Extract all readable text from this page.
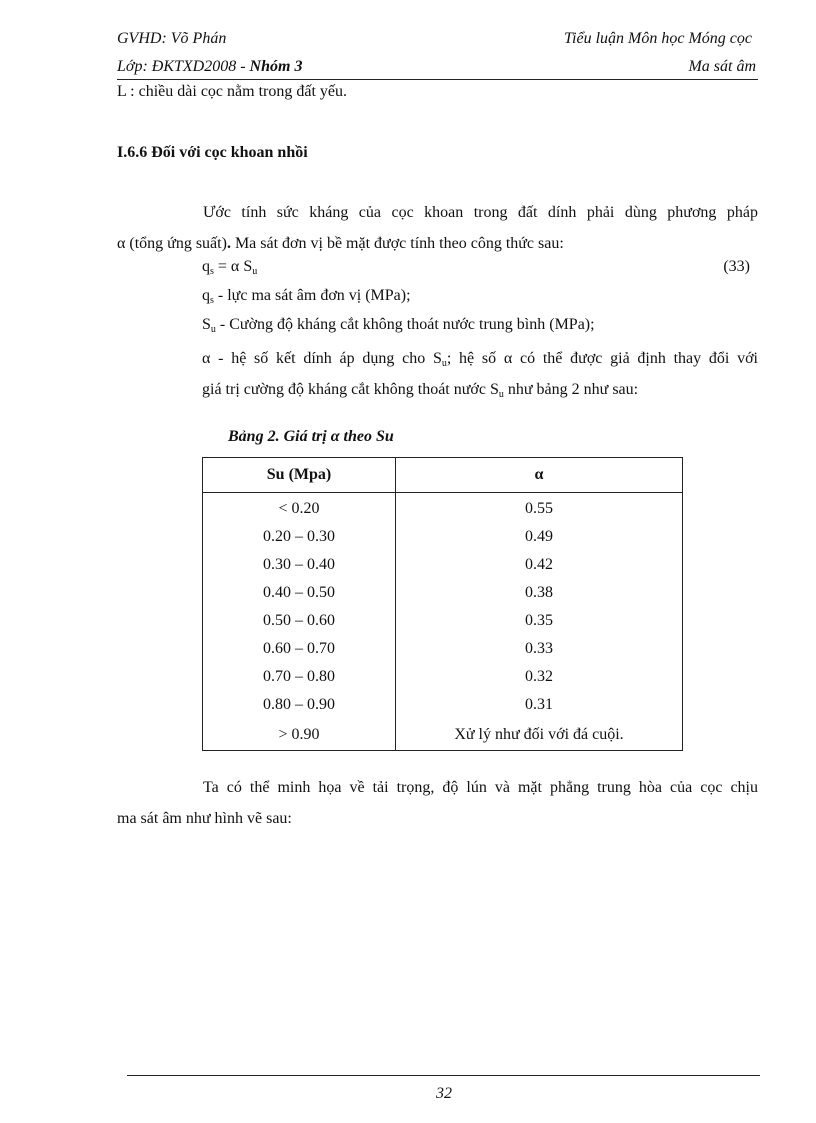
GVHD: Võ Phán	Tiểu luận Môn học Móng cọc
Lớp: ĐKTXD2008 - Nhóm 3	Ma sát âm
L : chiều dài cọc nằm trong đất yếu.
I.6.6 Đối với cọc khoan nhồi
Ước tính sức kháng của cọc khoan trong đất dính phải dùng phương pháp
α (tổng ứng suất). Ma sát đơn vị bề mặt được tính theo công thức sau:
$q_s = \alpha$ $S_u$	(33)
$q_s$ - lực ma sát âm đơn vị (MPa);
$S_u$ - Cường độ kháng cắt không thoát nước trung bình (MPa);
α - hệ số kết dính áp dụng cho $S_u$; hệ số α có thể được giả định thay đổi với
giá trị cường độ kháng cắt không thoát nước $S_u$ như bảng 2 như sau:
Bảng 2. Giá trị α theo Su
Su (Mpa)	α
< 0.20	0.55
0.20 – 0.30	0.49
0.30 – 0.40	0.42
0.40 – 0.50	0.38
0.50 – 0.60	0.35
0.60 – 0.70	0.33
0.70 – 0.80	0.32
0.80 – 0.90	0.31
> 0.90	Xử lý như đối với đá cuội.
Ta có thể minh họa về tải trọng, độ lún và mặt phẳng trung hòa của cọc chịu
ma sát âm như hình vẽ sau:
32
